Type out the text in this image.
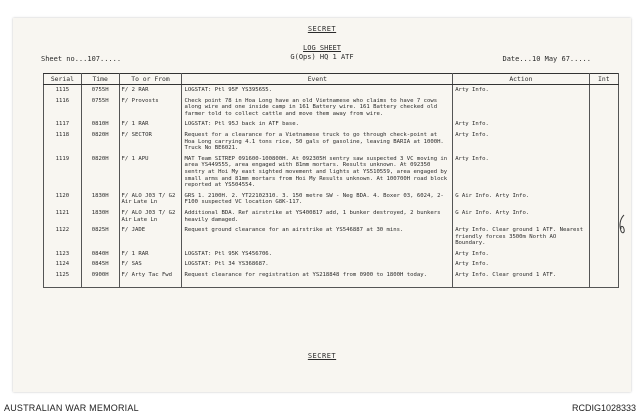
SECRET
LOG SHEET
G(Ops) HQ 1 ATF
Sheet no...107.....	Date...10 May 67.....
Serial	Time	To or From	Event	Action	Int
1115	0755H	F/ 2 RAR	LOGSTAT: Ptl 95F YS395655.	Arty Info.	
1116	0755H	F/ Provosts	Check point 78 in Hoa Long have an old Vietnamese who claims to have 7 cows along wire and one inside camp in 161 Battery wire. 161 Battery checked old farmer told to collect cattle and move them away from wire.		
1117	0810H	F/ 1 RAR	LOGSTAT: Ptl 95J back in ATF base.	Arty Info.	
1118	0820H	F/ SECTOR	Request for a clearance for a Vietnamese truck to go through check-point at Hoa Long carrying 4.1 tons rice, 50 gals of gasoline, leaving BARIA at 1000H. Truck No BE6021.	Arty Info.	
1119	0820H	F/ 1 APU	MAT Team SITREP 091600-100800H. At 092305H sentry saw suspected 3 VC moving in area YS449555, area engaged with 81mm mortars. Results unknown. At 092350 sentry at Hoi My east sighted movement and lights at YS510559, area engaged by small arms and 81mm mortars from Hoi My Results unknown. At 100700H road block reported at YS504554.	Arty Info.	
1120	1830H	F/ ALO J03 T/ G2 Air Late Ln	GRS 1. 2100H. 2. YT22102310. 3. 150 metre SW - Neg BDA. 4. Boxer 03, 6024, 2-F100 suspected VC location G8K-117.	G Air Info. Arty Info.	
1121	1830H	F/ ALO J03 T/ G2 Air Late Ln	Additional BDA. Ref airstrike at YS400817 add, 1 bunker destroyed, 2 bunkers heavily damaged.	G Air Info. Arty Info.	
1122	0825H	F/ JADE	Request ground clearance for an airstrike at YS546887 at 30 mins.	Arty Info. Clear ground 1 ATF. Nearest friendly forces 3500m North AO Boundary.	
1123	0840H	F/ 1 RAR	LOGSTAT: Ptl 95K YS456706.	Arty Info.	
1124	0845H	F/ SAS	LOGSTAT: Ptl 34 YS368687.	Arty Info.	
1125	0900H	F/ Arty Tac Fwd	Request clearance for registration at YS218848 from 0900 to 1800H today.	Arty Info. Clear ground 1 ATF.	

SECRET
AUSTRALIAN WAR MEMORIAL	RCDIG1028333
